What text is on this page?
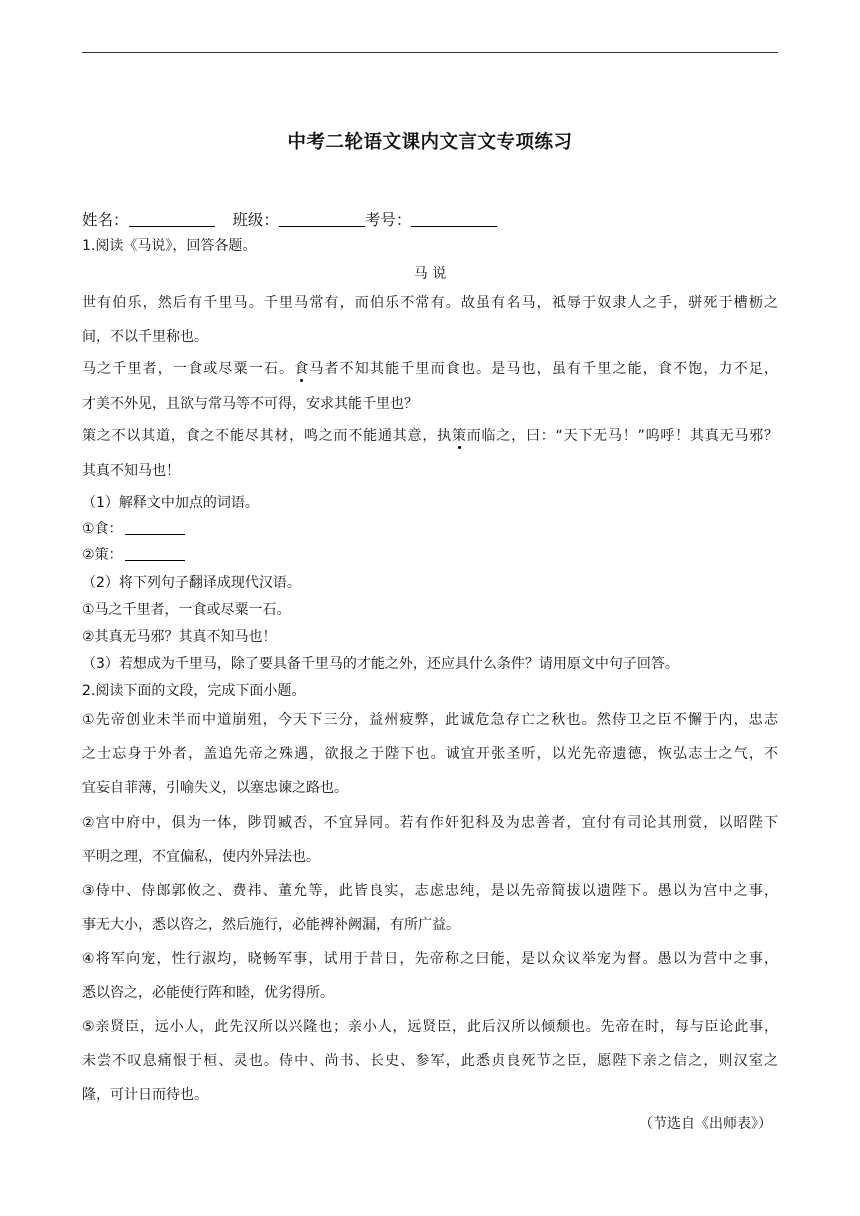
中考二轮语文课内文言文专项练习
姓名：	班级：	考号：
1.阅读《马说》，回答各题。
马 说
世有伯乐，然后有千里马。千里马常有，而伯乐不常有。故虽有名马，祗辱于奴隶人之手，骈死于槽枥之
间，不以千里称也。
马之千里者，一食或尽粟一石。食马者不知其能千里而食也。是马也，虽有千里之能，食不饱，力不足，
才美不外见，且欲与常马等不可得，安求其能千里也？
策之不以其道，食之不能尽其材，鸣之而不能通其意，执策而临之，曰：“天下无马！”呜呼！其真无马邪？
其真不知马也！
（1）解释文中加点的词语。
①食：
②策：
（2）将下列句子翻译成现代汉语。
①马之千里者，一食或尽粟一石。
②其真无马邪？其真不知马也！
（3）若想成为千里马，除了要具备千里马的才能之外，还应具什么条件？请用原文中句子回答。
2.阅读下面的文段，完成下面小题。
①先帝创业未半而中道崩殂，今天下三分，益州疲弊，此诚危急存亡之秋也。然侍卫之臣不懈于内，忠志
之士忘身于外者，盖追先帝之殊遇，欲报之于陛下也。诚宜开张圣听，以光先帝遗德，恢弘志士之气，不
宜妄自菲薄，引喻失义，以塞忠谏之路也。
②宫中府中，俱为一体，陟罚臧否，不宜异同。若有作奸犯科及为忠善者，宜付有司论其刑赏，以昭陛下
平明之理，不宜偏私，使内外异法也。
③侍中、侍郎郭攸之、费祎、董允等，此皆良实，志虑忠纯，是以先帝简拔以遗陛下。愚以为宫中之事，
事无大小，悉以咨之，然后施行，必能裨补阙漏，有所广益。
④将军向宠，性行淑均，晓畅军事，试用于昔日，先帝称之曰能，是以众议举宠为督。愚以为营中之事，
悉以咨之，必能使行阵和睦，优劣得所。
⑤亲贤臣，远小人，此先汉所以兴隆也；亲小人，远贤臣，此后汉所以倾颓也。先帝在时，每与臣论此事，
未尝不叹息痛恨于桓、灵也。侍中、尚书、长史、参军，此悉贞良死节之臣，愿陛下亲之信之，则汉室之
隆，可计日而待也。
（节选自《出师表》）
